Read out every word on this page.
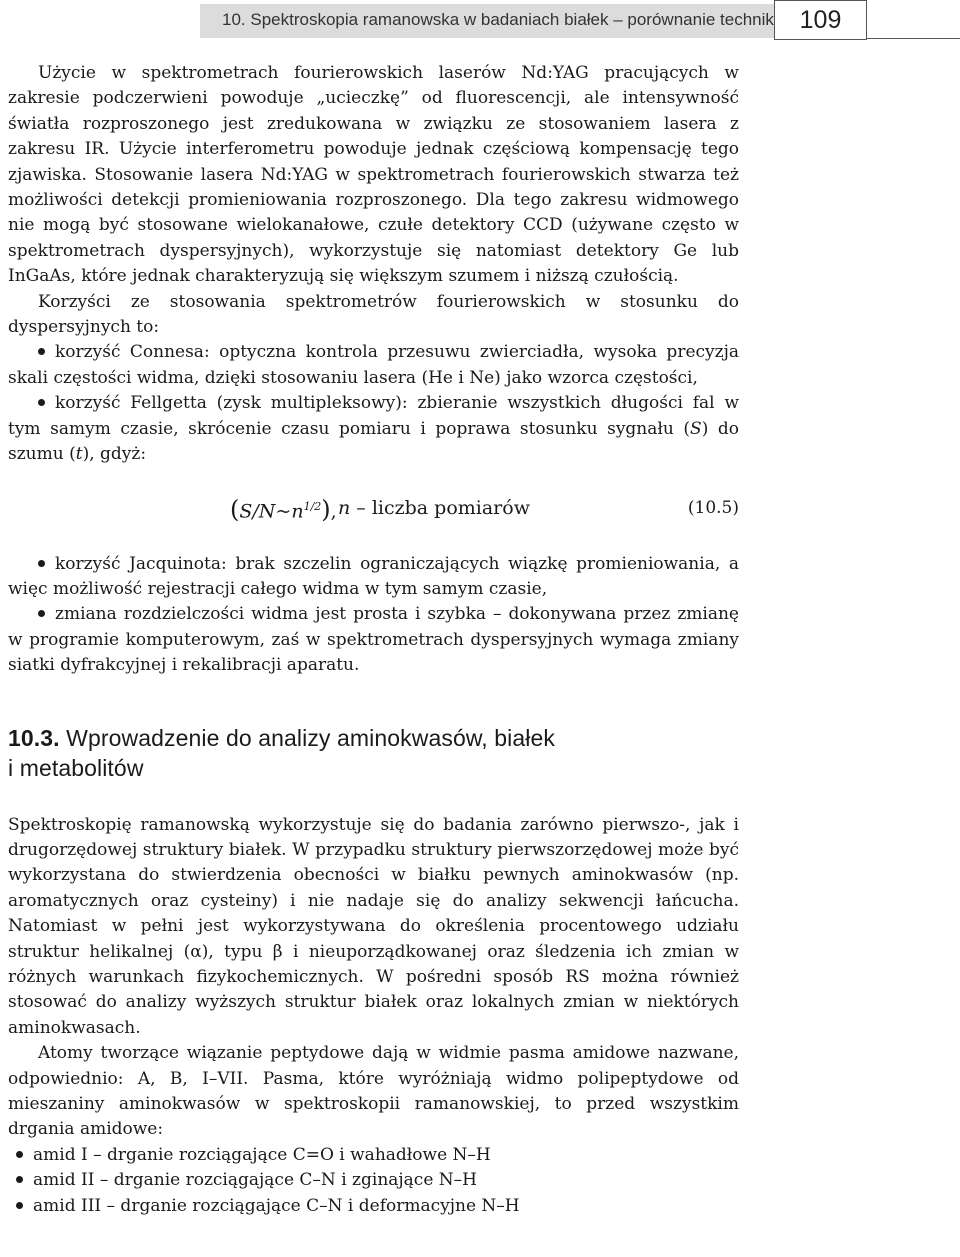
10. Spektroskopia ramanowska w badaniach białek – porównanie technik	109

Użycie w spektrometrach fourierowskich laserów Nd:YAG pracujących w zakresie podczerwieni powoduje „ucieczkę” od fluorescencji, ale intensywność światła rozproszonego jest zredukowana w związku ze stosowaniem lasera z zakresu IR. Użycie interferometru powoduje jednak częściową kompensację tego zjawiska. Stosowanie lasera Nd:YAG w spektrometrach fourierowskich stwarza też możliwości detekcji promieniowania rozproszonego. Dla tego zakresu widmowego nie mogą być stosowane wielokanałowe, czułe detektory CCD (używane często w spektrometrach dyspersyjnych), wykorzystuje się natomiast detektory Ge lub InGaAs, które jednak charakteryzują się większym szumem i niższą czułością.

Korzyści ze stosowania spektrometrów fourierowskich w stosunku do dyspersyjnych to:

korzyść Connesa: optyczna kontrola przesuwu zwierciadła, wysoka precyzja skali częstości widma, dzięki stosowaniu lasera (He i Ne) jako wzorca częstości,

korzyść Fellgetta (zysk multipleksowy): zbieranie wszystkich długości fal w tym samym czasie, skrócenie czasu pomiaru i poprawa stosunku sygnału (S) do szumu (t), gdyż:

$(S/N\sim n^{1/2})$, n – liczba pomiarów	(10.5)

korzyść Jacquinota: brak szczelin ograniczających wiązkę promieniowania, a więc możliwość rejestracji całego widma w tym samym czasie,

zmiana rozdzielczości widma jest prosta i szybka – dokonywana przez zmianę w programie komputerowym, zaś w spektrometrach dyspersyjnych wymaga zmiany siatki dyfrakcyjnej i rekalibracji aparatu.

10.3. Wprowadzenie do analizy aminokwasów, białek
i metabolitów

Spektroskopię ramanowską wykorzystuje się do badania zarówno pierwszo-, jak i drugorzędowej struktury białek. W przypadku struktury pierwszorzędowej może być wykorzystana do stwierdzenia obecności w białku pewnych aminokwasów (np. aromatycznych oraz cysteiny) i nie nadaje się do analizy sekwencji łańcucha. Natomiast w pełni jest wykorzystywana do określenia procentowego udziału struktur helikalnej (α), typu β i nieuporządkowanej oraz śledzenia ich zmian w różnych warunkach fizykochemicznych. W pośredni sposób RS można również stosować do analizy wyższych struktur białek oraz lokalnych zmian w niektórych aminokwasach.

Atomy tworzące wiązanie peptydowe dają w widmie pasma amidowe nazwane, odpowiednio: A, B, I–VII. Pasma, które wyróżniają widmo polipeptydowe od mieszaniny aminokwasów w spektroskopii ramanowskiej, to przed wszystkim drgania amidowe:

amid I – drganie rozciągające C=O i wahadłowe N–H

amid II – drganie rozciągające C–N i zginające N–H

amid III – drganie rozciągające C–N i deformacyjne N–H
